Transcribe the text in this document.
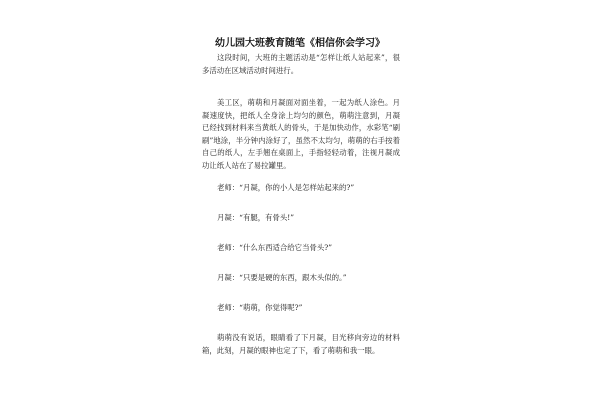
幼儿园大班教育随笔《相信你会学习》

这段时间，大班的主题活动是“怎样让纸人站起来”，很多活动在区域活动时间进行。

美工区，萌萌和月凝面对面坐着，一起为纸人涂色。月凝速度快，把纸人全身涂上均匀的颜色，萌萌注意到，月凝已经找到材料来当黄纸人的骨头，于是加快动作，水彩笔“刷刷”地涂，半分钟内涂好了，虽然不太均匀，萌萌的右手按着自己的纸人，左手翘在桌面上，手指轻轻动着，注视月凝成功让纸人站在了易拉罐里。

老师：“月凝，你的小人是怎样站起来的?”

月凝：“有腿，有骨头!”

老师：“什么东西适合给它当骨头?”

月凝：“只要是硬的东西，跟木头似的。”

老师：“萌萌，你觉得呢?”

萌萌没有说话，眼睛看了下月凝，目光移向旁边的材料箱，此刻，月凝的眼神也定了下，看了萌萌和我一眼。
